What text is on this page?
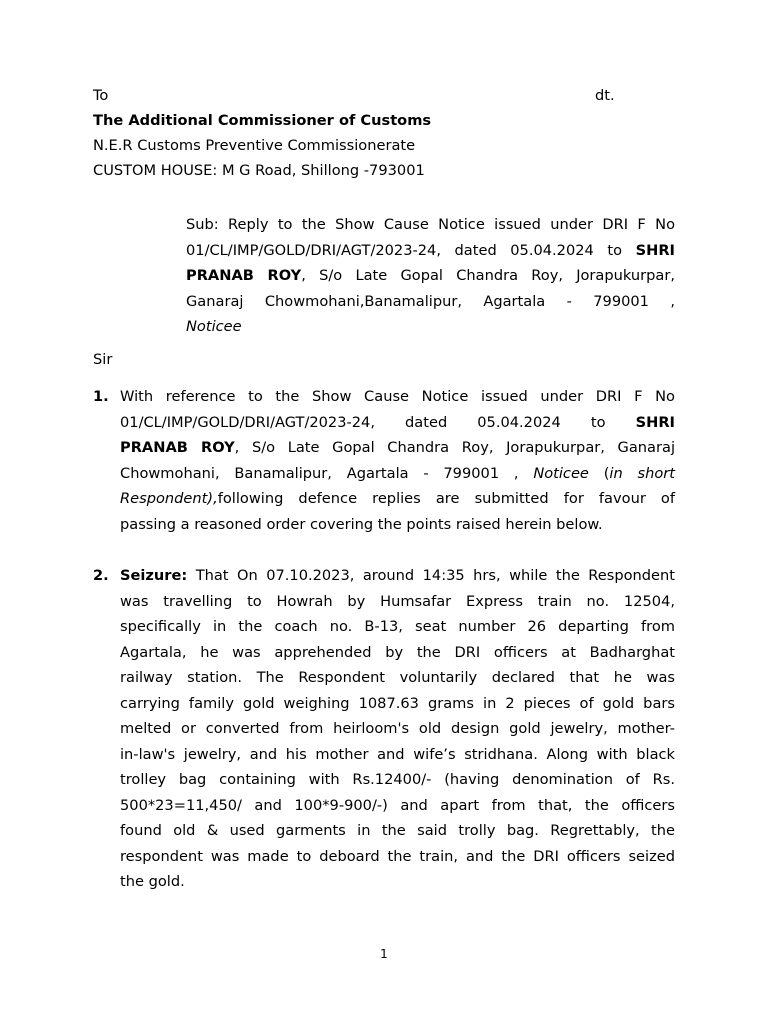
To	dt.
The Additional Commissioner of Customs
N.E.R Customs Preventive Commissionerate
CUSTOM HOUSE: M G Road, Shillong -793001
Sub: Reply to the Show Cause Notice issued under DRI F No
01/CL/IMP/GOLD/DRI/AGT/2023-24, dated 05.04.2024 to SHRI
PRANAB ROY, S/o Late Gopal Chandra Roy, Jorapukurpar,
Ganaraj Chowmohani,Banamalipur, Agartala - 799001 ,
Noticee
Sir
1. With reference to the Show Cause Notice issued under DRI F No
01/CL/IMP/GOLD/DRI/AGT/2023-24, dated 05.04.2024 to SHRI
PRANAB ROY, S/o Late Gopal Chandra Roy, Jorapukurpar, Ganaraj
Chowmohani, Banamalipur, Agartala - 799001 , Noticee (in short
Respondent),following defence replies are submitted for favour of
passing a reasoned order covering the points raised herein below.
2. Seizure: That On 07.10.2023, around 14:35 hrs, while the Respondent
was travelling to Howrah by Humsafar Express train no. 12504,
specifically in the coach no. B-13, seat number 26 departing from
Agartala, he was apprehended by the DRI officers at Badharghat
railway station. The Respondent voluntarily declared that he was
carrying family gold weighing 1087.63 grams in 2 pieces of gold bars
melted or converted from heirloom's old design gold jewelry, mother-
in-law's jewelry, and his mother and wife’s stridhana. Along with black
trolley bag containing with Rs.12400/- (having denomination of Rs.
500*23=11,450/ and 100*9-900/-) and apart from that, the officers
found old & used garments in the said trolly bag. Regrettably, the
respondent was made to deboard the train, and the DRI officers seized
the gold.
1
